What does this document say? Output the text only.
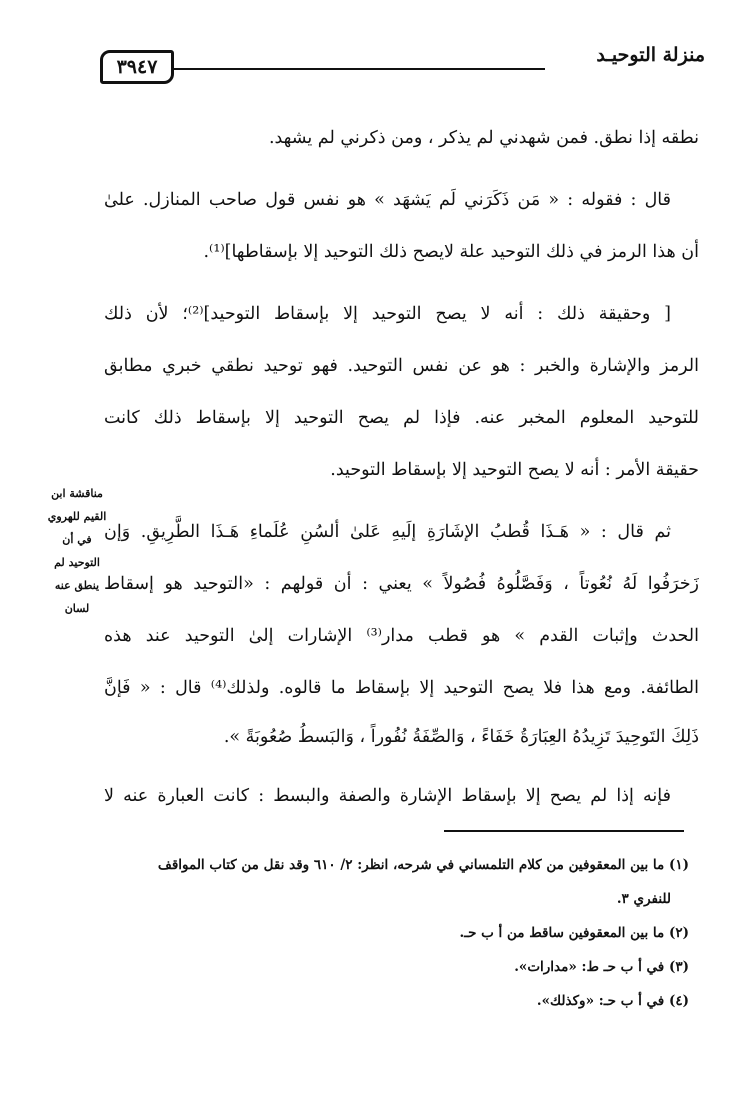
منزلة التوحيـد
٣٩٤٧
نطقه إذا نطق. فمن شهدني لم يذكر ، ومن ذكرني لم يشهد.
قال : فقوله : « مَن ذَكَرَني لَم يَشهَد » هو نفس قول صاحب المنازل. علىٰ
أن هذا الرمز في ذلك التوحيد علة لايصح ذلك التوحيد إلا بإسقاطها]⁽¹⁾.
[ وحقيقة ذلك : أنه لا يصح التوحيد إلا بإسقاط التوحيد]⁽²⁾؛ لأن ذلك
الرمز والإشارة والخبر : هو عن نفس التوحيد. فهو توحيد نطقي خبري مطابق
للتوحيد المعلوم المخبر عنه. فإذا لم يصح التوحيد إلا بإسقاط ذلك كانت
حقيقة الأمر : أنه لا يصح التوحيد إلا بإسقاط التوحيد.
ثم قال : « هَـذَا قُطبُ الإشَارَةِ إلَيهِ عَلىٰ ألسُنِ عُلَماءِ هَـذَا الطَّرِيقِ. وَإن
زَخرَفُوا لَهُ نُعُوتاً ، وَفَصَّلُوهُ فُصُولاً » يعني : أن قولهم : «التوحيد هو إسقاط
الحدث وإثبات القدم » هو قطب مدار⁽³⁾ الإشارات إلىٰ التوحيد عند هذه
الطائفة. ومع هذا فلا يصح التوحيد إلا بإسقاط ما قالوه. ولذلك⁽⁴⁾ قال : « فَإنَّ
ذَلِكَ التَوحِيدَ تَزِيدُهُ العِبَارَةُ خَفَاءً ، وَالصِّفَةُ نُفُوراً ، وَالبَسطُ صُعُوبَةً ».
فإنه إذا لم يصح إلا بإسقاط الإشارة والصفة والبسط : كانت العبارة عنه لا
مناقشة ابن
القيم للهروي
في أن
التوحيد لم
ينطق عنه
لسان
(١) ما بين المعقوفين من كلام التلمساني في شرحه، انظر: ٢/ ٦١٠ وقد نقل من كتاب المواقف
للنفري ٣.
(٢) ما بين المعقوفين ساقط من أ ب حـ.
(٣) في أ ب حـ ط: «مدارات».
(٤) في أ ب حـ: «وكذلك».
